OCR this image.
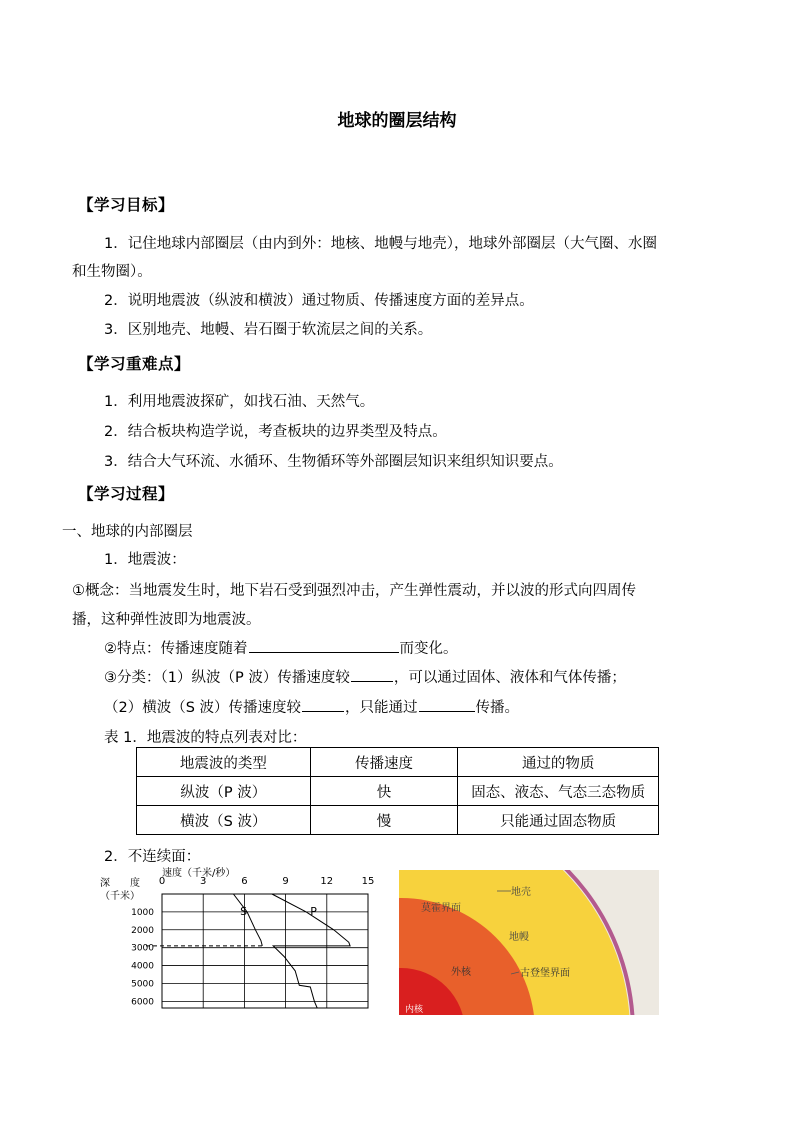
地球的圈层结构
【学习目标】
1．记住地球内部圈层（由内到外：地核、地幔与地壳），地球外部圈层（大气圈、水圈
和生物圈）。
2．说明地震波（纵波和横波）通过物质、传播速度方面的差异点。
3．区别地壳、地幔、岩石圈于软流层之间的关系。
【学习重难点】
1．利用地震波探矿，如找石油、天然气。
2．结合板块构造学说，考查板块的边界类型及特点。
3．结合大气环流、水循环、生物循环等外部圈层知识来组织知识要点。
【学习过程】
一、地球的内部圈层
1．地震波：
①概念：当地震发生时，地下岩石受到强烈冲击，产生弹性震动，并以波的形式向四周传
播，这种弹性波即为地震波。
②特点：传播速度随着	而变化。
③分类：（1）纵波（P 波）传播速度较	，可以通过固体、液体和气体传播；
（2）横波（S 波）传播速度较	，只能通过	传播。
表 1．地震波的特点列表对比：
地震波的类型	传播速度	通过的物质
纵波（P 波）	快	固态、液态、气态三态物质
横波（S 波）	慢	只能通过固态物质
2．不连续面：
1000
2000
3000
4000
5000
6000
0	3	6	9	12	15
速度（千米/秒）
深度
（千米）
S	P
地壳
莫霍界面
地幔
外核	古登堡界面
内核
